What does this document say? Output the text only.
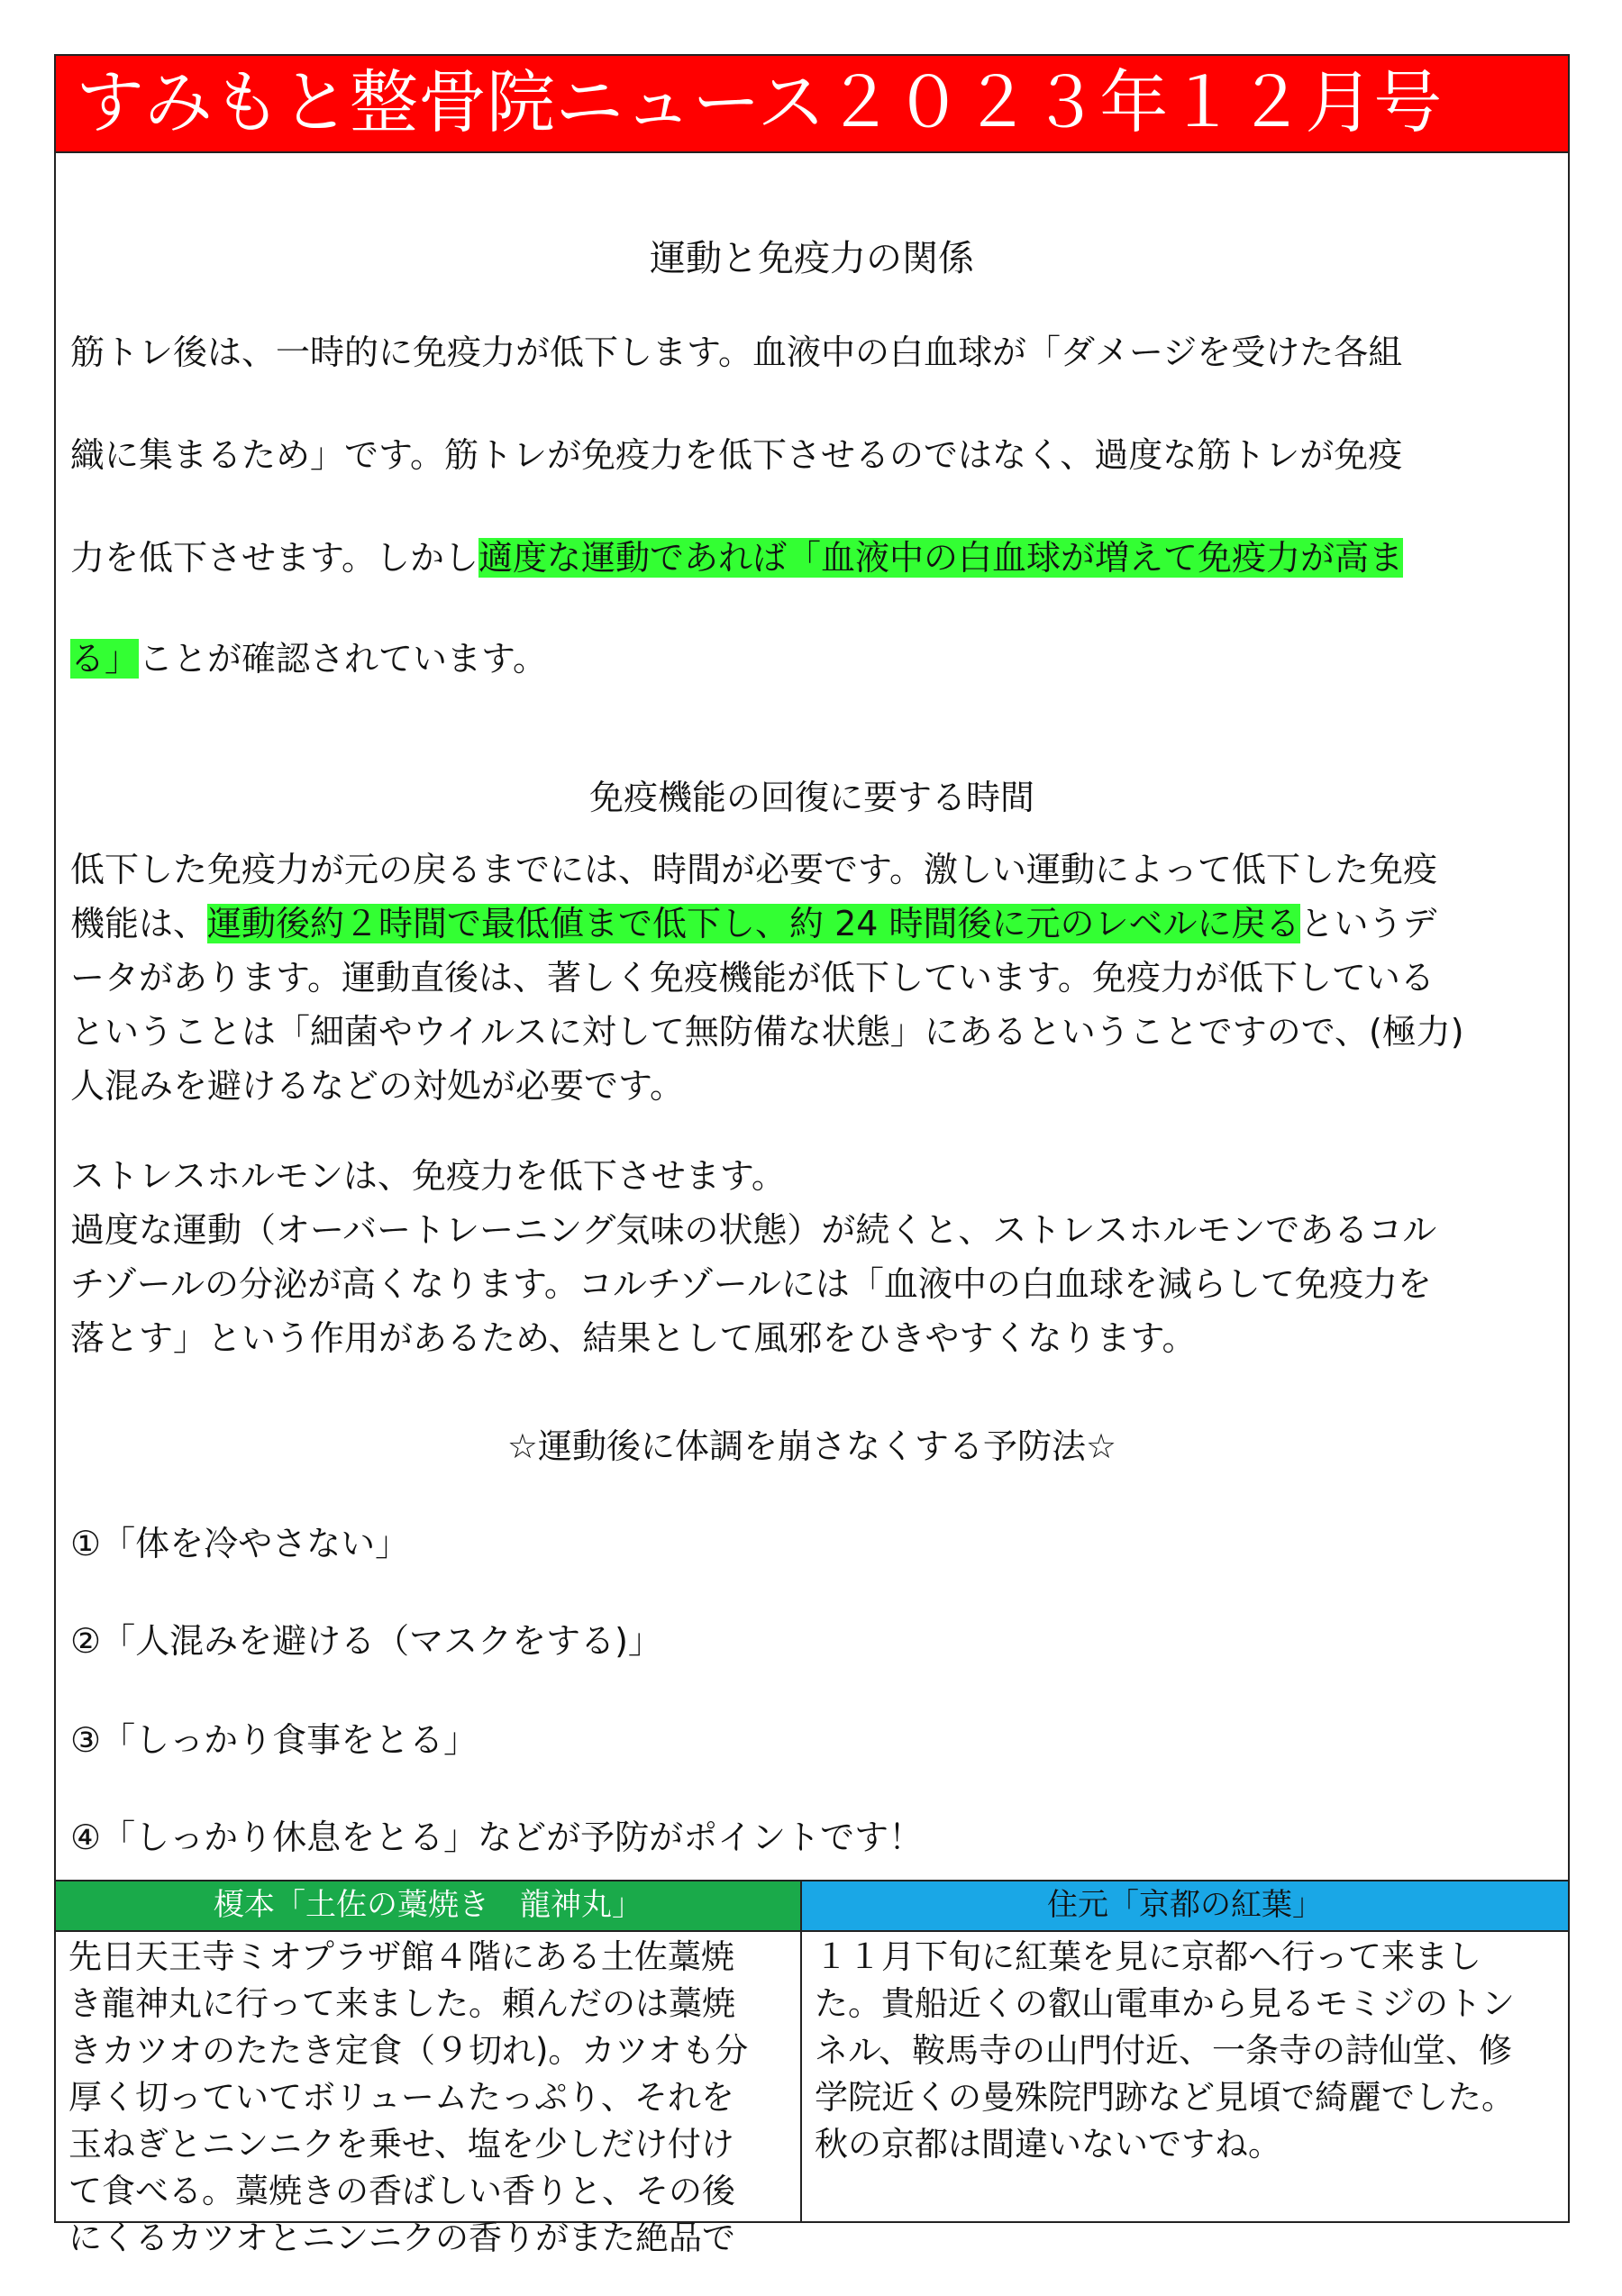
すみもと整骨院ニュース２０２３年１２月号
運動と免疫力の関係
筋トレ後は、一時的に免疫力が低下します。血液中の白血球が「ダメージを受けた各組
織に集まるため」です。筋トレが免疫力を低下させるのではなく、過度な筋トレが免疫
力を低下させます。しかし適度な運動であれば「血液中の白血球が増えて免疫力が高ま
る」ことが確認されています。
免疫機能の回復に要する時間
低下した免疫力が元の戻るまでには、時間が必要です。激しい運動によって低下した免疫
機能は、運動後約２時間で最低値まで低下し、約 24 時間後に元のレベルに戻るというデ
ータがあります。運動直後は、著しく免疫機能が低下しています。免疫力が低下している
ということは「細菌やウイルスに対して無防備な状態」にあるということですので、(極力)
人混みを避けるなどの対処が必要です。
ストレスホルモンは、免疫力を低下させます。
過度な運動（オーバートレーニング気味の状態）が続くと、ストレスホルモンであるコル
チゾールの分泌が高くなります。コルチゾールには「血液中の白血球を減らして免疫力を
落とす」という作用があるため、結果として風邪をひきやすくなります。
☆運動後に体調を崩さなくする予防法☆
①「体を冷やさない」
②「人混みを避ける（マスクをする)」
③「しっかり食事をとる」
④「しっかり休息をとる」などが予防がポイントです！
榎本「土佐の藁焼き　龍神丸」
先日天王寺ミオプラザ館４階にある土佐藁焼
き龍神丸に行って来ました。頼んだのは藁焼
きカツオのたたき定食（９切れ)。カツオも分
厚く切っていてボリュームたっぷり、それを
玉ねぎとニンニクを乗せ、塩を少しだけ付け
て食べる。藁焼きの香ばしい香りと、その後
にくるカツオとニンニクの香りがまた絶品で
住元「京都の紅葉」
１１月下旬に紅葉を見に京都へ行って来まし
た。貴船近くの叡山電車から見るモミジのトン
ネル、鞍馬寺の山門付近、一条寺の詩仙堂、修
学院近くの曼殊院門跡など見頃で綺麗でした。
秋の京都は間違いないですね。
